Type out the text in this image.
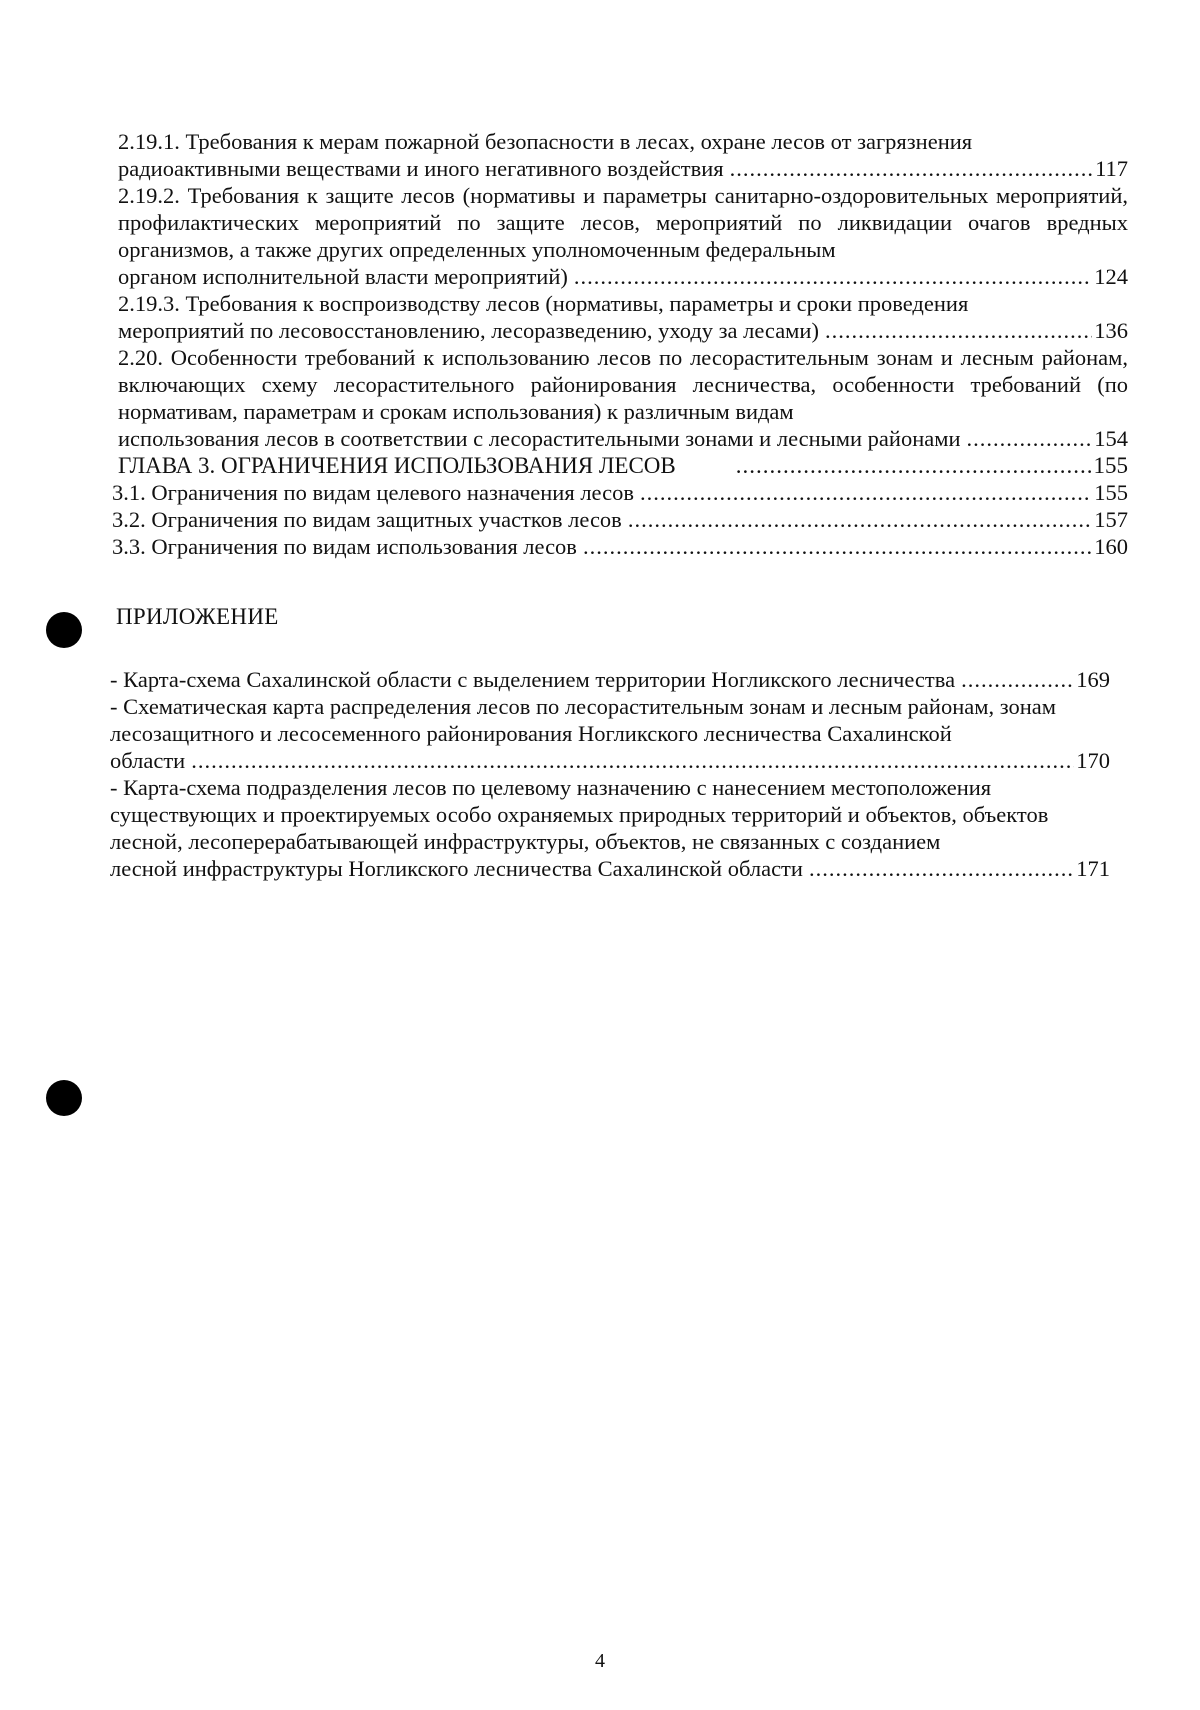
2.19.1. Требования к мерам пожарной безопасности в лесах, охране лесов от загрязнения
радиоактивными веществами и иного негативного воздействия .....	117
2.19.2. Требования к защите лесов (нормативы и параметры санитарно-оздоровительных мероприятий, профилактических мероприятий по защите лесов, мероприятий по ликвидации очагов вредных организмов, а также других определенных уполномоченным федеральным
органом исполнительной власти мероприятий) .....	124
2.19.3. Требования к воспроизводству лесов (нормативы, параметры и сроки проведения
мероприятий по лесовосстановлению, лесоразведению, уходу за лесами) .....	136
2.20. Особенности требований к использованию лесов по лесорастительным зонам и лесным районам, включающих схему лесорастительного районирования лесничества, особенности требований (по нормативам, параметрам и срокам использования) к различным видам
использования лесов в соответствии с лесорастительными зонами и лесными районами .....	154
ГЛАВА 3. ОГРАНИЧЕНИЯ ИСПОЛЬЗОВАНИЯ ЛЕСОВ .....	155
3.1. Ограничения по видам целевого назначения лесов .....	155
3.2. Ограничения по видам защитных участков лесов .....	157
3.3. Ограничения по видам использования лесов .....	160
ПРИЛОЖЕНИЕ
- Карта-схема Сахалинской области с выделением территории Ногликского лесничества .....	169
- Схематическая карта распределения лесов по лесорастительным зонам и лесным районам, зонам лесозащитного и лесосеменного районирования Ногликского лесничества Сахалинской
области .....	170
- Карта-схема подразделения лесов по целевому назначению с нанесением местоположения существующих и проектируемых особо охраняемых природных территорий и объектов, объектов лесной, лесоперерабатывающей инфраструктуры, объектов, не связанных с созданием
лесной инфраструктуры Ногликского лесничества Сахалинской области .....	171
4
